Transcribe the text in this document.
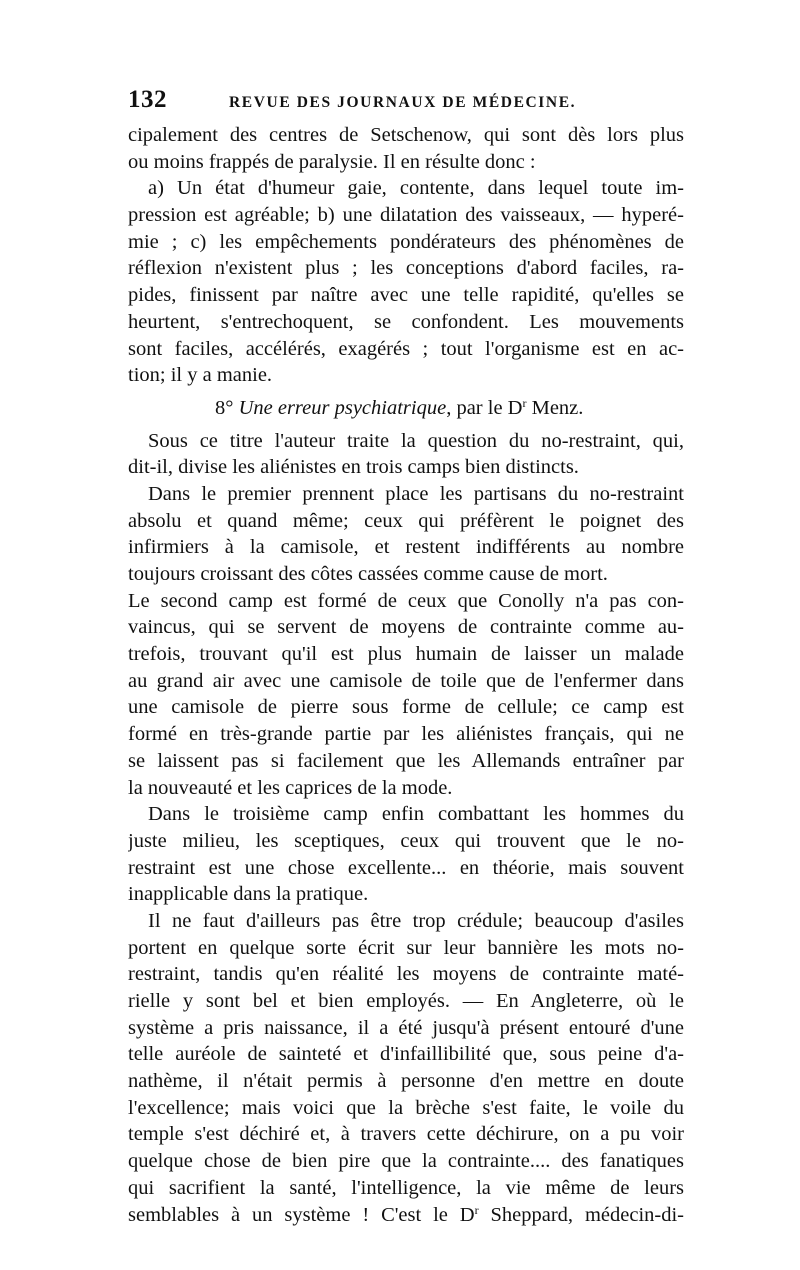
132	REVUE DES JOURNAUX DE MÉDECINE.
cipalement des centres de Setschenow, qui sont dès lors plus
ou moins frappés de paralysie. Il en résulte donc :
a) Un état d'humeur gaie, contente, dans lequel toute im-
pression est agréable; b) une dilatation des vaisseaux, — hyperé-
mie ; c) les empêchements pondérateurs des phénomènes de
réflexion n'existent plus ; les conceptions d'abord faciles, ra-
pides, finissent par naître avec une telle rapidité, qu'elles se
heurtent, s'entrechoquent, se confondent. Les mouvements
sont faciles, accélérés, exagérés ; tout l'organisme est en ac-
tion; il y a manie.
8° Une erreur psychiatrique, par le $D^r$ Menz.
Sous ce titre l'auteur traite la question du no-restraint, qui,
dit-il, divise les aliénistes en trois camps bien distincts.
Dans le premier prennent place les partisans du no-restraint
absolu et quand même; ceux qui préfèrent le poignet des
infirmiers à la camisole, et restent indifférents au nombre
toujours croissant des côtes cassées comme cause de mort.
Le second camp est formé de ceux que Conolly n'a pas con-
vaincus, qui se servent de moyens de contrainte comme au-
trefois, trouvant qu'il est plus humain de laisser un malade
au grand air avec une camisole de toile que de l'enfermer dans
une camisole de pierre sous forme de cellule; ce camp est
formé en très-grande partie par les aliénistes français, qui ne
se laissent pas si facilement que les Allemands entraîner par
la nouveauté et les caprices de la mode.
Dans le troisième camp enfin combattant les hommes du
juste milieu, les sceptiques, ceux qui trouvent que le no-
restraint est une chose excellente... en théorie, mais souvent
inapplicable dans la pratique.
Il ne faut d'ailleurs pas être trop crédule; beaucoup d'asiles
portent en quelque sorte écrit sur leur bannière les mots no-
restraint, tandis qu'en réalité les moyens de contrainte maté-
rielle y sont bel et bien employés. — En Angleterre, où le
système a pris naissance, il a été jusqu'à présent entouré d'une
telle auréole de sainteté et d'infaillibilité que, sous peine d'a-
nathème, il n'était permis à personne d'en mettre en doute
l'excellence; mais voici que la brèche s'est faite, le voile du
temple s'est déchiré et, à travers cette déchirure, on a pu voir
quelque chose de bien pire que la contrainte.... des fanatiques
qui sacrifient la santé, l'intelligence, la vie même de leurs
semblables à un système ! C'est le $D^r$ Sheppard, médecin-di-
